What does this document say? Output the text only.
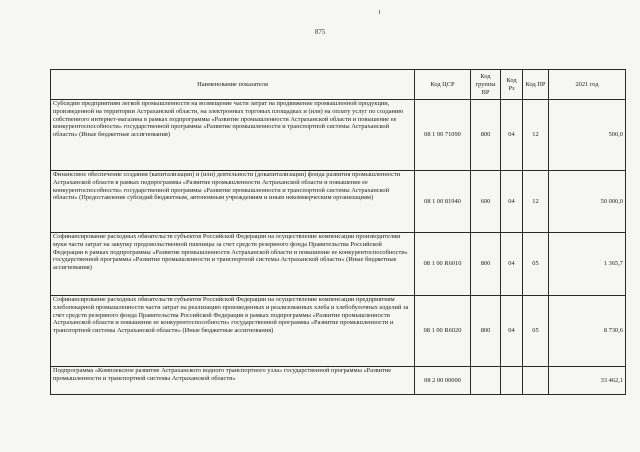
875
Наименование показателя	Код ЦСР	Код группы ВР	Код Рз	Код ПР	2021 год
Субсидии предприятиям легкой промышленности на возмещение части затрат на продвижение промышленной продукции, произведенной на территории Астраханской области, на электронных торговых площадках и (или) на оплату услуг по созданию собственного интернет-магазина в рамках подпрограммы «Развитие промышленности Астраханской области и повышение ее конкурентоспособности» государственной программы «Развитие промышленности и транспортной системы Астраханской области» (Иные бюджетные ассигнования)	08 1 00 71090	800	04	12	500,0
Финансовое обеспечение создания (капитализации) и (или) деятельности (докапитализации) фонда развития промышленности Астраханской области в рамках подпрограммы «Развитие промышленности Астраханской области и повышение ее конкурентоспособности» государственной программы «Развитие промышленности и транспортной системы Астраханской области» (Предоставление субсидий бюджетным, автономным учреждениям и иным некоммерческим организациям)	08 1 00 81940	600	04	12	50 000,0
Софинансирование расходных обязательств субъектов Российской Федерации на осуществление компенсации производителям муки части затрат на закупку продовольственной пшеницы за счет средств резервного фонда Правительства Российской Федерации в рамках подпрограммы «Развитие промышленности Астраханской области и повышение ее конкурентоспособности» государственной программы «Развитие промышленности и транспортной системы Астраханской области» (Иные бюджетные ассигнования)	08 1 00 R6010	800	04	05	1 365,7
Софинансирование расходных обязательств субъектов Российской Федерации на осуществление компенсации предприятиям хлебопекарной промышленности части затрат на реализацию произведенных и реализованных хлеба и хлебобулочных изделий за счет средств резервного фонда Правительства Российской Федерации в рамках подпрограммы «Развитие промышленности Астраханской области и повышение ее конкурентоспособности» государственной программы «Развитие промышленности и транспортной системы Астраханской области» (Иные бюджетные ассигнования)	08 1 00 R6020	800	04	05	8 730,6
Подпрограмма «Комплексное развитие Астраханского водного транспортного узла» государственной программы «Развитие промышленности и транспортной системы Астраханской области»	08 2 00 00000				33 462,1
